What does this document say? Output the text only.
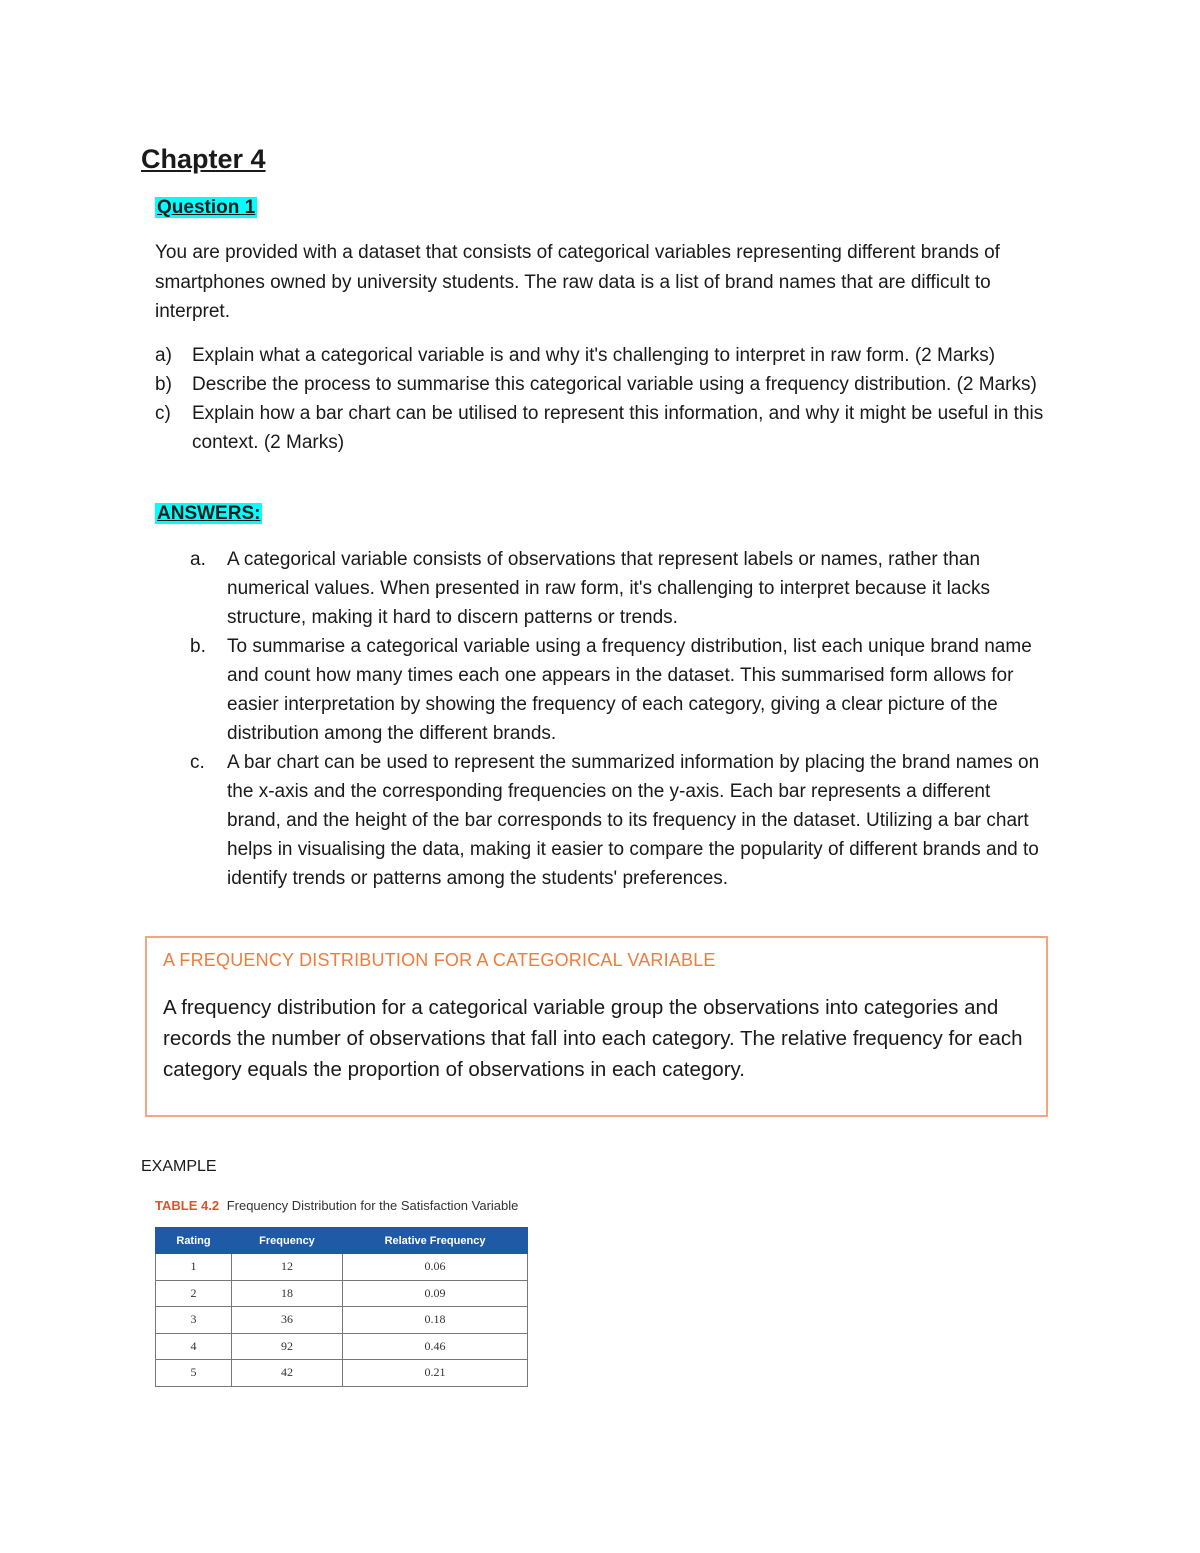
Chapter 4

Question 1

You are provided with a dataset that consists of categorical variables representing different brands of smartphones owned by university students. The raw data is a list of brand names that are difficult to interpret.

a)	Explain what a categorical variable is and why it's challenging to interpret in raw form. (2 Marks)
b)	Describe the process to summarise this categorical variable using a frequency distribution. (2 Marks)
c)	Explain how a bar chart can be utilised to represent this information, and why it might be useful in this context. (2 Marks)

ANSWERS:

a.	A categorical variable consists of observations that represent labels or names, rather than numerical values. When presented in raw form, it's challenging to interpret because it lacks structure, making it hard to discern patterns or trends.
b.	To summarise a categorical variable using a frequency distribution, list each unique brand name and count how many times each one appears in the dataset. This summarised form allows for easier interpretation by showing the frequency of each category, giving a clear picture of the distribution among the different brands.
c.	A bar chart can be used to represent the summarized information by placing the brand names on the x-axis and the corresponding frequencies on the y-axis. Each bar represents a different brand, and the height of the bar corresponds to its frequency in the dataset. Utilizing a bar chart helps in visualising the data, making it easier to compare the popularity of different brands and to identify trends or patterns among the students' preferences.

A FREQUENCY DISTRIBUTION FOR A CATEGORICAL VARIABLE

A frequency distribution for a categorical variable group the observations into categories and records the number of observations that fall into each category. The relative frequency for each category equals the proportion of observations in each category.

EXAMPLE

TABLE 4.2 Frequency Distribution for the Satisfaction Variable

Rating	Frequency	Relative Frequency
1	12	0.06
2	18	0.09
3	36	0.18
4	92	0.46
5	42	0.21
